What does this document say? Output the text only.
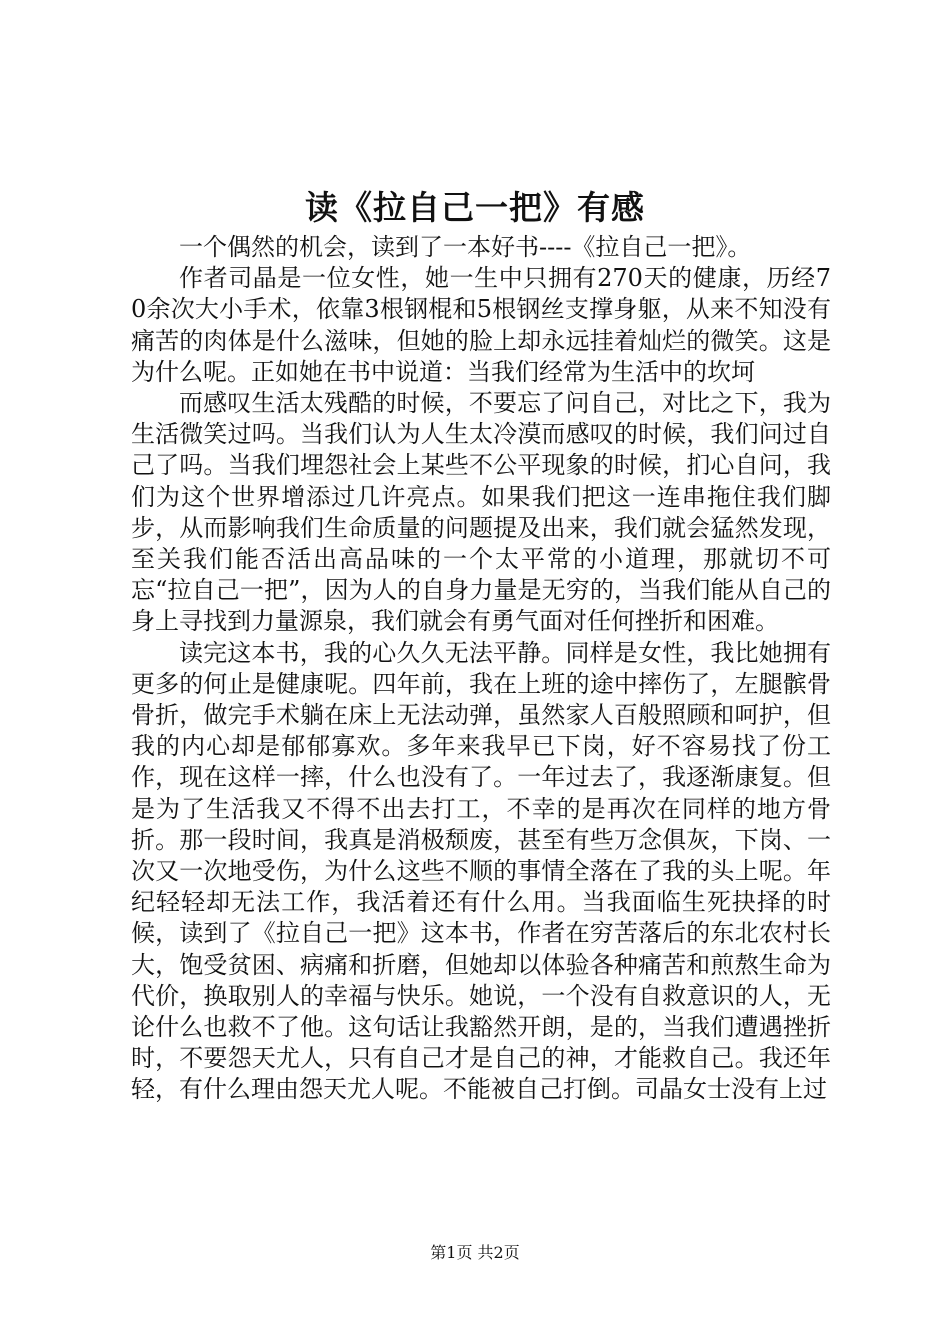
读《拉自己一把》有感

一个偶然的机会，读到了一本好书----《拉自己一把》。

作者司晶是一位女性，她一生中只拥有270天的健康，历经70余次大小手术，依靠3根钢棍和5根钢丝支撑身躯，从来不知没有痛苦的肉体是什么滋味，但她的脸上却永远挂着灿烂的微笑。这是为什么呢。正如她在书中说道：当我们经常为生活中的坎坷

而感叹生活太残酷的时候，不要忘了问自己，对比之下，我为生活微笑过吗。当我们认为人生太冷漠而感叹的时候，我们问过自己了吗。当我们埋怨社会上某些不公平现象的时候，扪心自问，我们为这个世界增添过几许亮点。如果我们把这一连串拖住我们脚步，从而影响我们生命质量的问题提及出来，我们就会猛然发现，至关我们能否活出高品味的一个太平常的小道理，那就切不可忘“拉自己一把”，因为人的自身力量是无穷的，当我们能从自己的身上寻找到力量源泉，我们就会有勇气面对任何挫折和困难。

读完这本书，我的心久久无法平静。同样是女性，我比她拥有更多的何止是健康呢。四年前，我在上班的途中摔伤了，左腿髌骨骨折，做完手术躺在床上无法动弹，虽然家人百般照顾和呵护，但我的内心却是郁郁寡欢。多年来我早已下岗，好不容易找了份工作，现在这样一摔，什么也没有了。一年过去了，我逐渐康复。但是为了生活我又不得不出去打工，不幸的是再次在同样的地方骨折。那一段时间，我真是消极颓废，甚至有些万念俱灰，下岗、一次又一次地受伤，为什么这些不顺的事情全落在了我的头上呢。年纪轻轻却无法工作，我活着还有什么用。当我面临生死抉择的时候，读到了《拉自己一把》这本书，作者在穷苦落后的东北农村长大，饱受贫困、病痛和折磨，但她却以体验各种痛苦和煎熬生命为代价，换取别人的幸福与快乐。她说，一个没有自救意识的人，无论什么也救不了他。这句话让我豁然开朗，是的，当我们遭遇挫折时，不要怨天尤人，只有自己才是自己的神，才能救自己。我还年轻，有什么理由怨天尤人呢。不能被自己打倒。司晶女士没有上过

第1页 共2页
